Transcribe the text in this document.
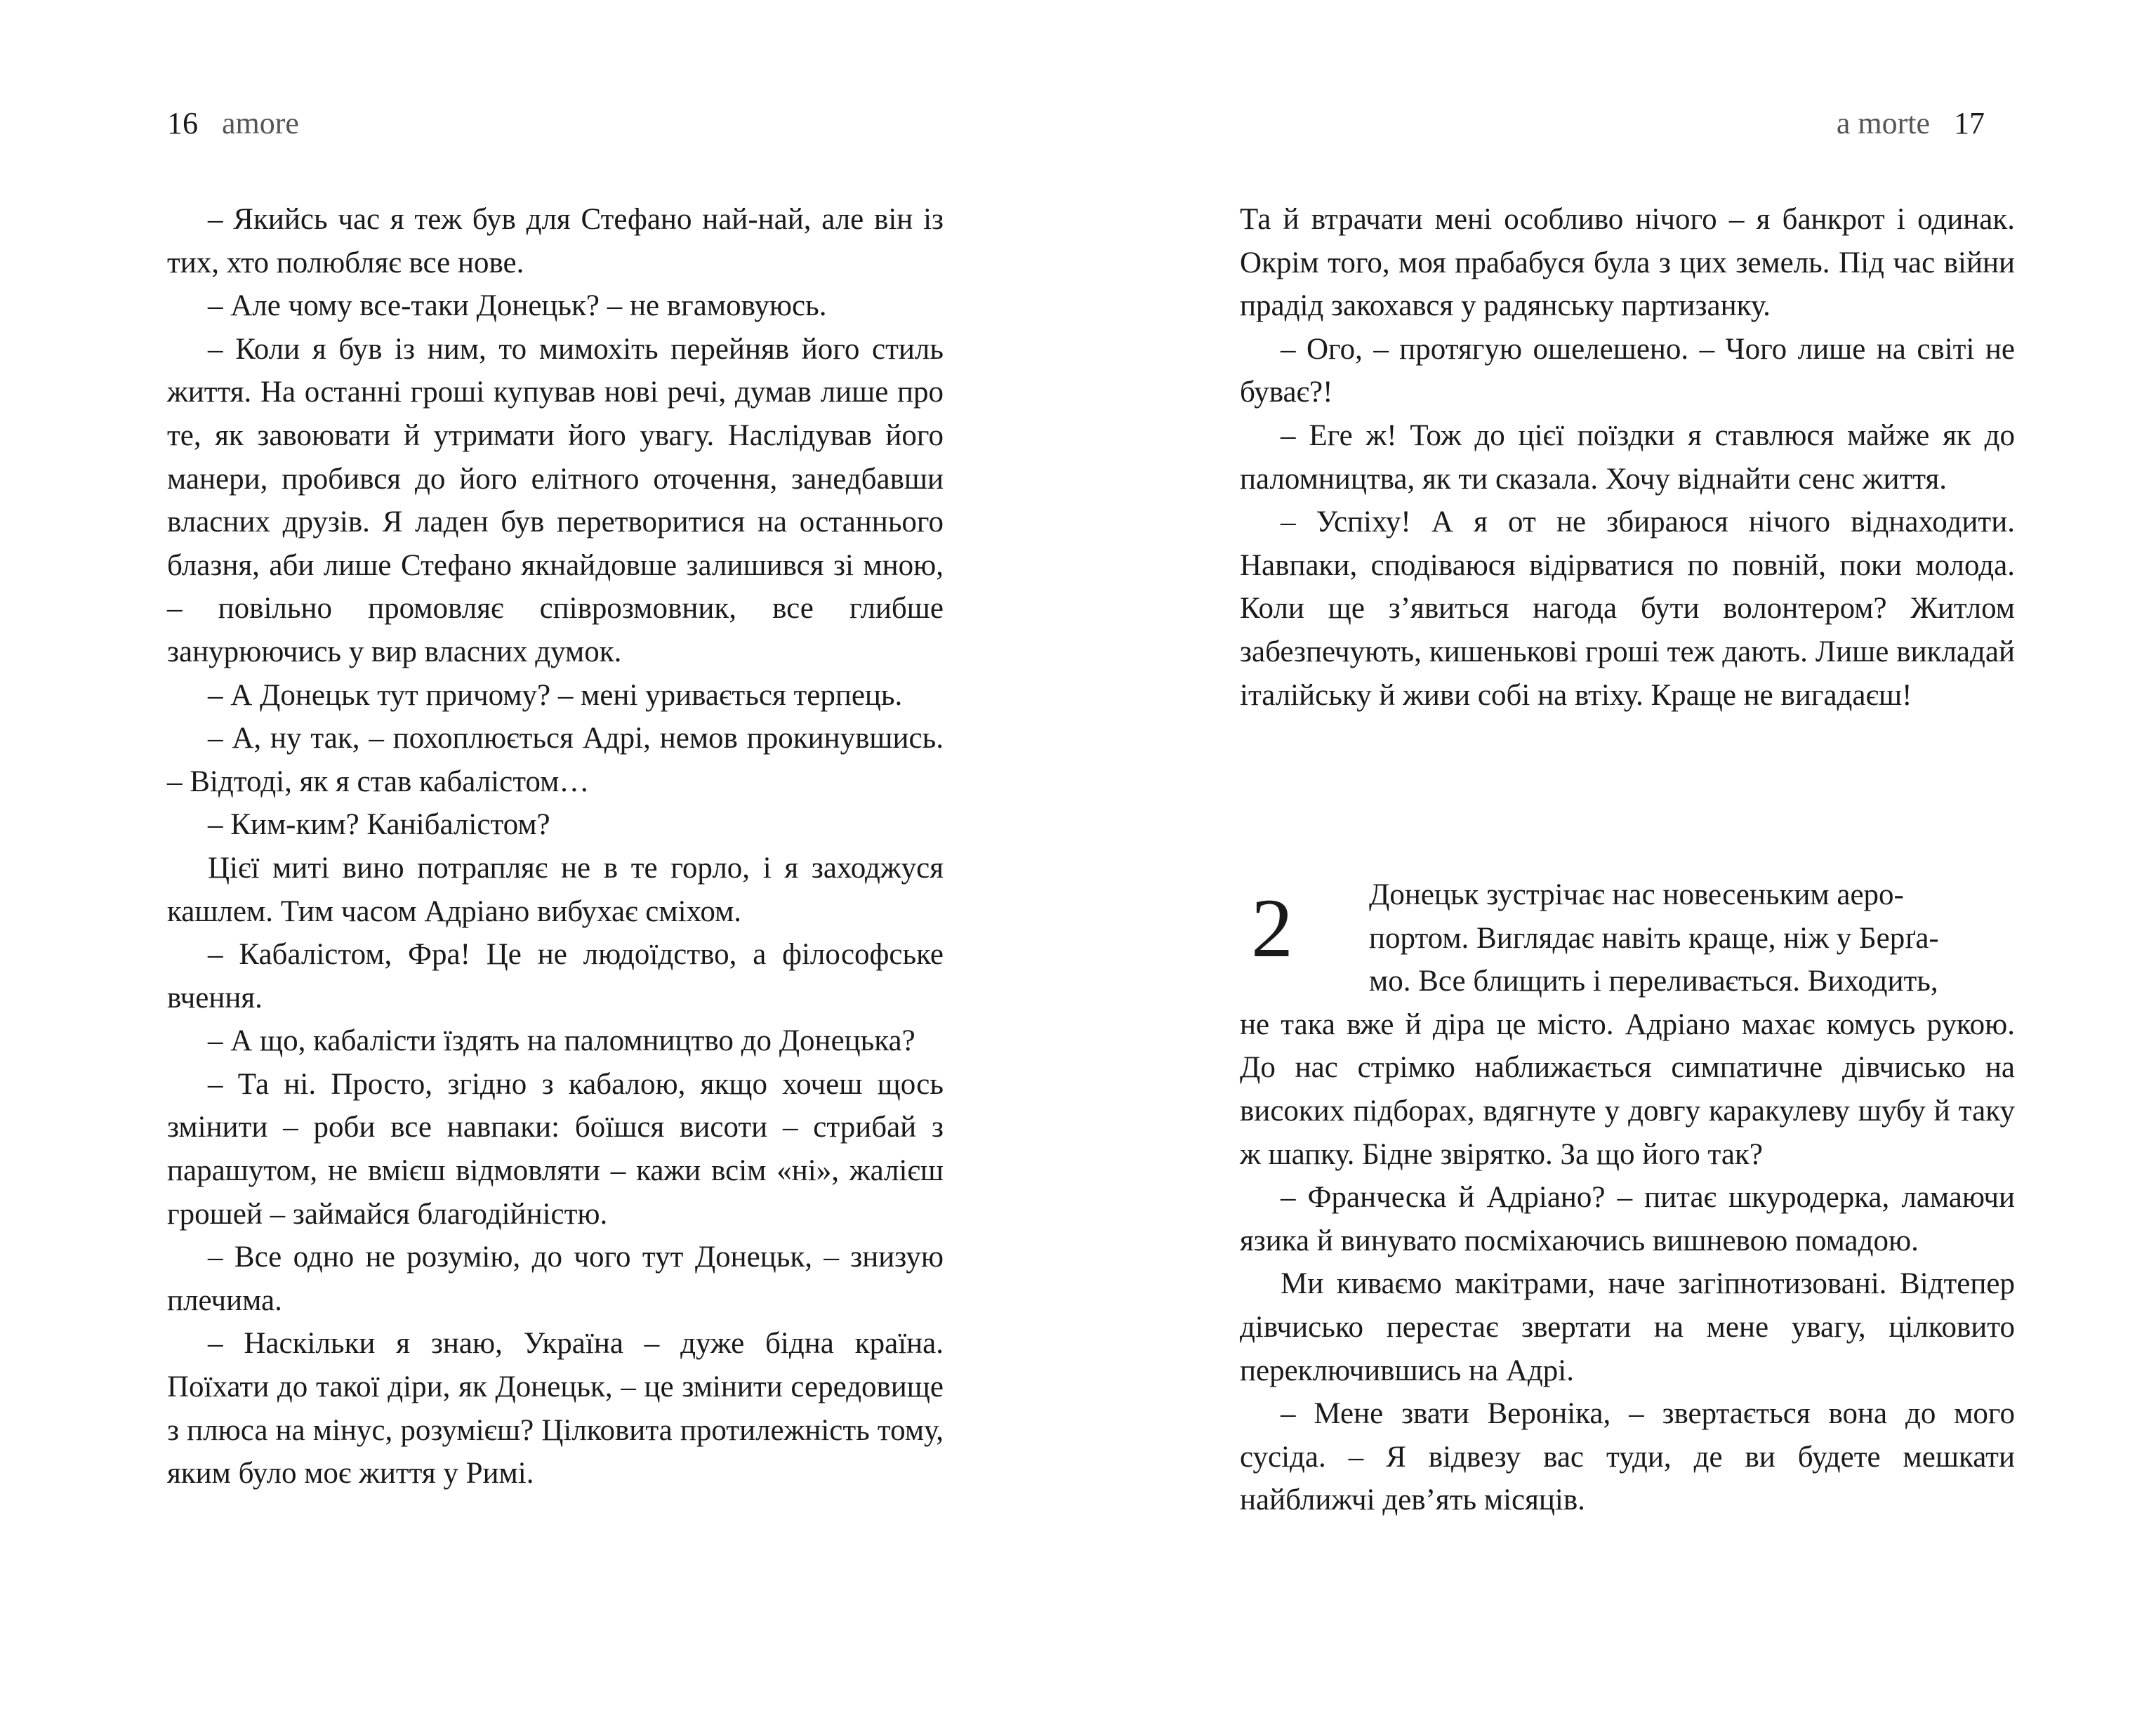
16 amore

– Якийсь час я теж був для Стефано най-най, але він із тих, хто полюбляє все нове.

– Але чому все-таки Донецьк? – не вгамовуюсь.

– Коли я був із ним, то мимохіть перейняв його стиль життя. На останні гроші купував нові речі, думав лише про те, як завоювати й утримати його увагу. Наслідував його манери, пробився до його елітного оточення, занедбавши власних друзів. Я ладен був перетворитися на останнього блазня, аби лише Стефано якнайдовше залишився зі мною, – повільно промовляє співрозмовник, все глибше занурюючись у вир власних думок.

– А Донецьк тут причому? – мені уривається терпець.

– А, ну так, – похоплюється Адрі, немов прокинувшись. – Відтоді, як я став кабалістом…

– Ким-ким? Канібалістом?

Цієї миті вино потрапляє не в те горло, і я заходжуся кашлем. Тим часом Адріано вибухає сміхом.

– Кабалістом, Фра! Це не людоїдство, а філософське вчення.

– А що, кабалісти їздять на паломництво до Донецька?

– Та ні. Просто, згідно з кабалою, якщо хочеш щось змінити – роби все навпаки: боїшся висоти – стрибай з парашутом, не вмієш відмовляти – кажи всім «ні», жалієш грошей – займайся благодійністю.

– Все одно не розумію, до чого тут Донецьк, – знизую плечима.

– Наскільки я знаю, Україна – дуже бідна країна. Поїхати до такої діри, як Донецьк, – це змінити середовище з плюса на мінус, розумієш? Цілковита протилежність тому, яким було моє життя у Римі.

a morte 17

Та й втрачати мені особливо нічого – я банкрот і одинак. Окрім того, моя прабабуся була з цих земель. Під час війни прадід закохався у радянську партизанку.

– Ого, – протягую ошелешено. – Чого лише на світі не буває?!

– Еге ж! Тож до цієї поїздки я ставлюся майже як до паломництва, як ти сказала. Хочу віднайти сенс життя.

– Успіху! А я от не збираюся нічого віднаходити. Навпаки, сподіваюся відірватися по повній, поки молода. Коли ще з’явиться нагода бути волонтером? Житлом забезпечують, кишенькові гроші теж дають. Лише викладай італійську й живи собі на втіху. Краще не вигадаєш!

2	Донецьк зустрічає нас новесеньким аеро-

портом. Виглядає навіть краще, ніж у Берґа-

мо. Все блищить і переливається. Виходить,

не така вже й діра це місто. Адріано махає комусь рукою. До нас стрімко наближається симпатичне дівчисько на високих підборах, вдягнуте у довгу каракулеву шубу й таку ж шапку. Бідне звірятко. За що його так?

– Франческа й Адріано? – питає шкуродерка, ламаючи язика й винувато посміхаючись вишневою помадою.

Ми киваємо макітрами, наче загіпнотизовані. Відтепер дівчисько перестає звертати на мене увагу, цілковито переключившись на Адрі.

– Мене звати Вероніка, – звертається вона до мого сусіда. – Я відвезу вас туди, де ви будете мешкати найближчі дев’ять місяців.
